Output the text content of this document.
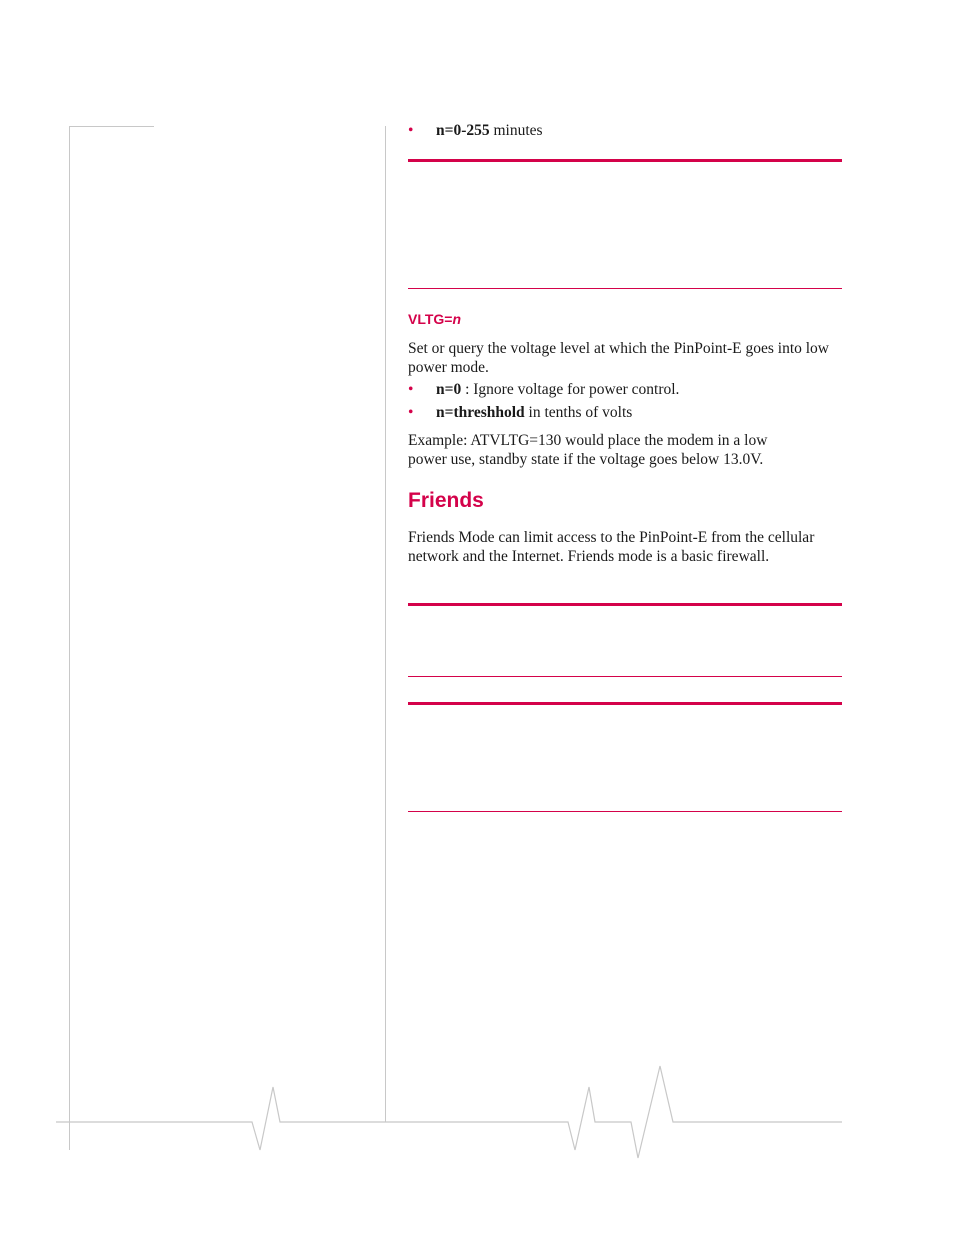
• n=0-255 minutes
VLTG=n
Set or query the voltage level at which the PinPoint-E goes into low power mode.
• n=0 : Ignore voltage for power control.
• n=threshhold in tenths of volts
Example: ATVLTG=130 would place the modem in a low power use, standby state if the voltage goes below 13.0V.
Friends
Friends Mode can limit access to the PinPoint-E from the cellular network and the Internet. Friends mode is a basic firewall.
